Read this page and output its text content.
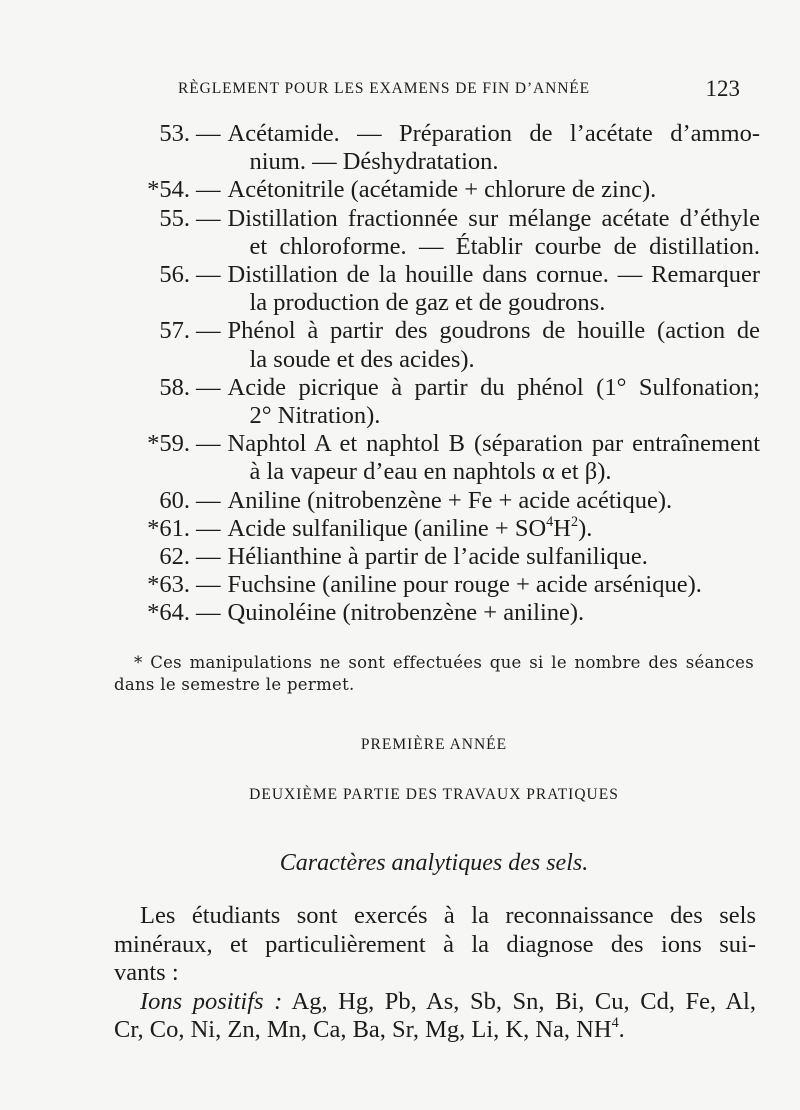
RÈGLEMENT POUR LES EXAMENS DE FIN D’ANNÉE	123
53. — Acétamide. — Préparation de l’acétate d’ammo-
nium. — Déshydratation.
*54. — Acétonitrile (acétamide + chlorure de zinc).
55. — Distillation fractionnée sur mélange acétate d’éthyle
et chloroforme. — Établir courbe de distillation.
56. — Distillation de la houille dans cornue. — Remarquer
la production de gaz et de goudrons.
57. — Phénol à partir des goudrons de houille (action de
la soude et des acides).
58. — Acide picrique à partir du phénol (1° Sulfonation;
2° Nitration).
*59. — Naphtol A et naphtol B (séparation par entraînement
à la vapeur d’eau en naphtols α et β).
60. — Aniline (nitrobenzène + Fe + acide acétique).
*61. — Acide sulfanilique (aniline + $SO^4H^2$).
62. — Hélianthine à partir de l’acide sulfanilique.
*63. — Fuchsine (aniline pour rouge + acide arsénique).
*64. — Quinoléine (nitrobenzène + aniline).
* Ces manipulations ne sont effectuées que si le nombre des séances
dans le semestre le permet.
PREMIÈRE ANNÉE
DEUXIÈME PARTIE DES TRAVAUX PRATIQUES
Caractères analytiques des sels.
Les étudiants sont exercés à la reconnaissance des sels
minéraux, et particulièrement à la diagnose des ions sui-
vants :
Ions positifs : Ag, Hg, Pb, As, Sb, Sn, Bi, Cu, Cd, Fe, Al,
Cr, Co, Ni, Zn, Mn, Ca, Ba, Sr, Mg, Li, K, Na, $NH^4$.
